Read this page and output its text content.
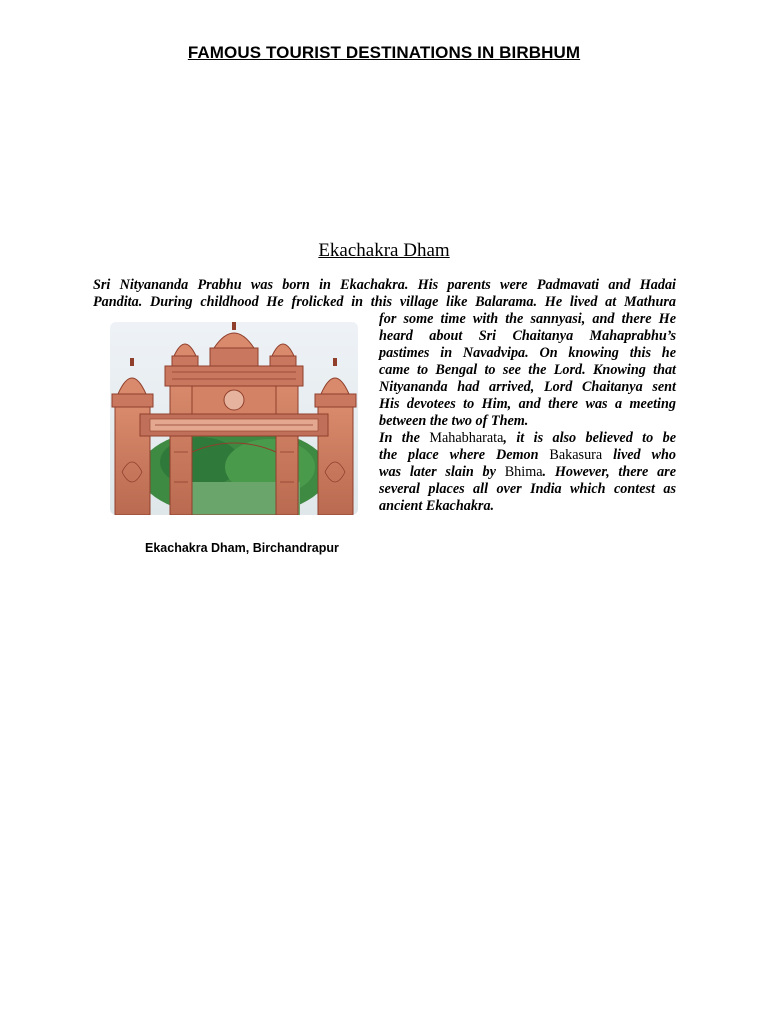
FAMOUS TOURIST DESTINATIONS IN BIRBHUM
Ekachakra Dham
Sri Nityananda Prabhu was born in Ekachakra. His parents were Padmavati and Hadai
Pandita. During childhood He frolicked in this village like Balarama. He lived at Mathura

for some time with the sannyasi, and there He
heard about Sri Chaitanya Mahaprabhu’s
pastimes in Navadvipa. On knowing this he
came to Bengal to see the Lord. Knowing that
Nityananda had arrived, Lord Chaitanya sent
His devotees to Him, and there was a meeting
between the two of Them.

In the Mahabharata, it is also believed to be
the place where Demon Bakasura lived who
was later slain by Bhima. However, there are
several places all over India which contest as
ancient Ekachakra.

Ekachakra Dham, Birchandrapur
